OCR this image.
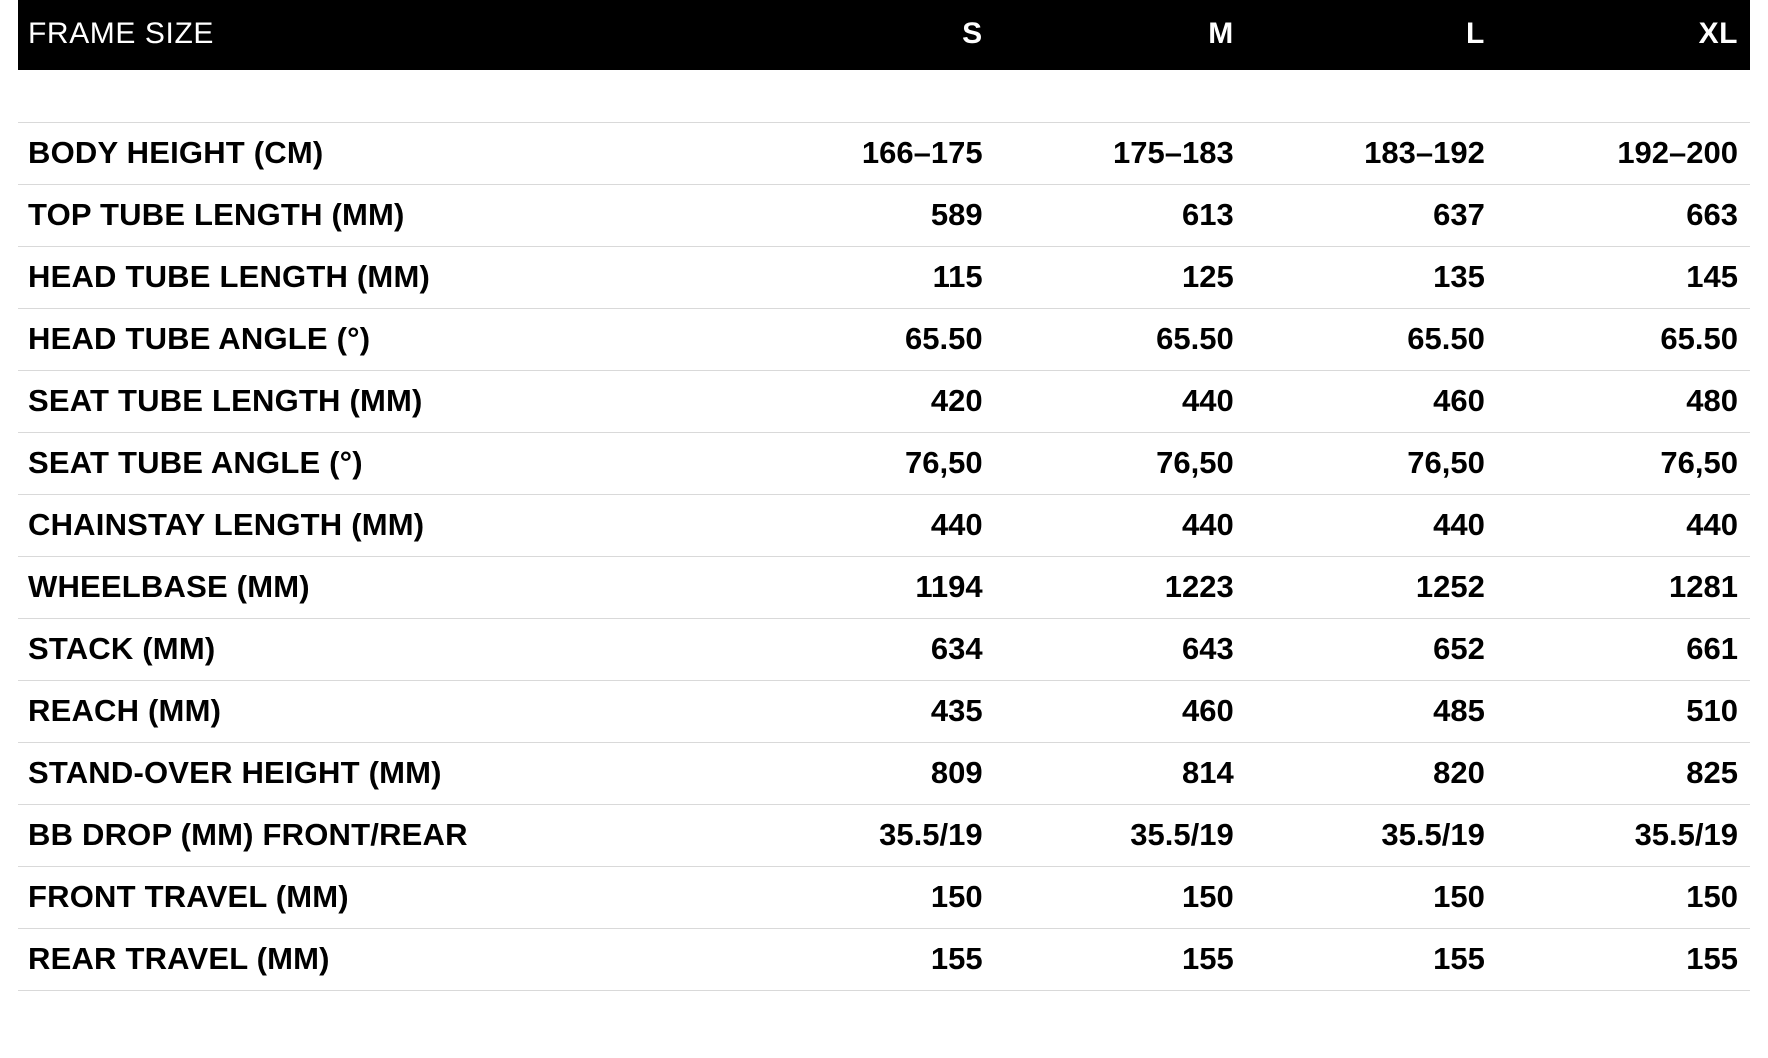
FRAME SIZE	S	M	L	XL

BODY HEIGHT (CM)	166–175	175–183	183–192	192–200
TOP TUBE LENGTH (MM)	589	613	637	663
HEAD TUBE LENGTH (MM)	115	125	135	145
HEAD TUBE ANGLE (°)	65.50	65.50	65.50	65.50
SEAT TUBE LENGTH (MM)	420	440	460	480
SEAT TUBE ANGLE (°)	76,50	76,50	76,50	76,50
CHAINSTAY LENGTH (MM)	440	440	440	440
WHEELBASE (MM)	1194	1223	1252	1281
STACK (MM)	634	643	652	661
REACH (MM)	435	460	485	510
STAND-OVER HEIGHT (MM)	809	814	820	825
BB DROP (MM) FRONT/REAR	35.5/19	35.5/19	35.5/19	35.5/19
FRONT TRAVEL (MM)	150	150	150	150
REAR TRAVEL (MM)	155	155	155	155
